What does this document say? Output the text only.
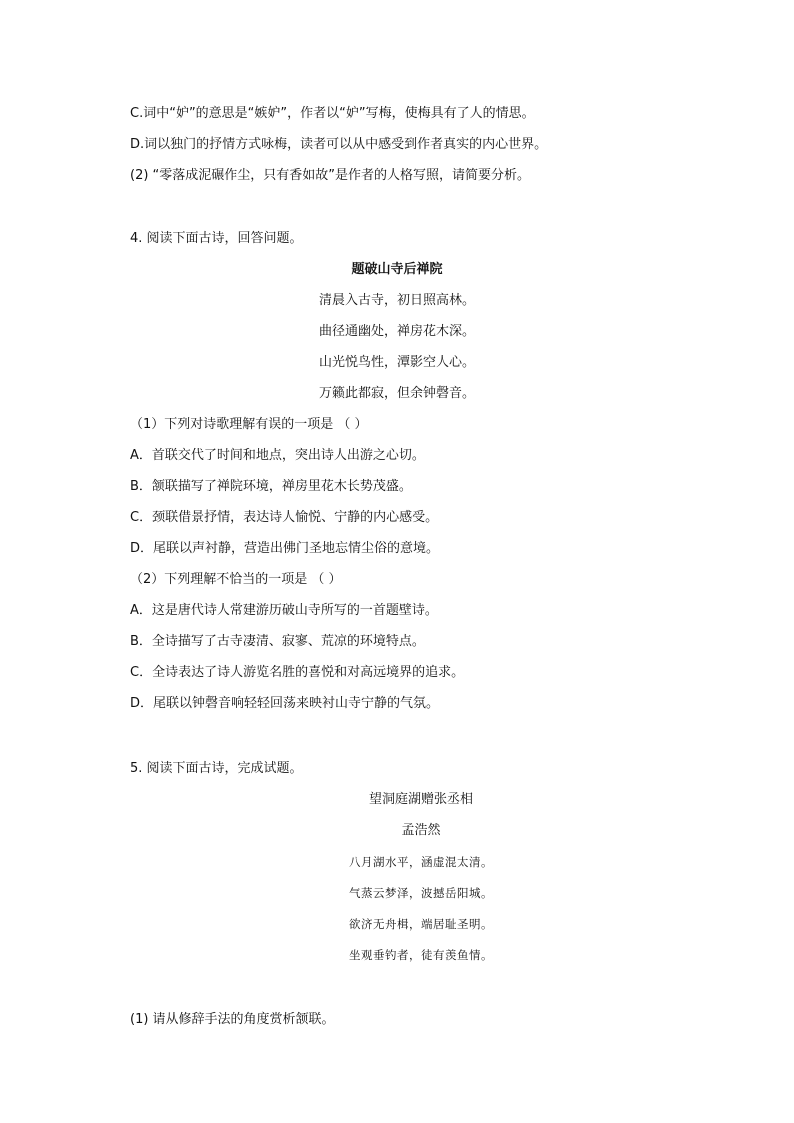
C.词中“妒”的意思是“嫉妒”，作者以“妒”写梅，使梅具有了人的情思。
D.词以独门的抒情方式咏梅，读者可以从中感受到作者真实的内心世界。
(2) “零落成泥碾作尘，只有香如故”是作者的人格写照，请简要分析。
4. 阅读下面古诗，回答问题。
题破山寺后禅院
清晨入古寺，初日照高林。
曲径通幽处，禅房花木深。
山光悦鸟性，潭影空人心。
万籁此都寂，但余钟磬音。
（1）下列对诗歌理解有误的一项是 （ ）
A．首联交代了时间和地点，突出诗人出游之心切。
B．颔联描写了禅院环境，禅房里花木长势茂盛。
C．颈联借景抒情，表达诗人愉悦、宁静的内心感受。
D．尾联以声衬静，营造出佛门圣地忘情尘俗的意境。
（2）下列理解不恰当的一项是 （ ）
A．这是唐代诗人常建游历破山寺所写的一首题壁诗。
B．全诗描写了古寺凄清、寂寥、荒凉的环境特点。
C．全诗表达了诗人游览名胜的喜悦和对高远境界的追求。
D．尾联以钟磬音响轻轻回荡来映衬山寺宁静的气氛。
5. 阅读下面古诗，完成试题。
望洞庭湖赠张丞相
孟浩然
八月湖水平，涵虚混太清。
气蒸云梦泽，波撼岳阳城。
欲济无舟楫，端居耻圣明。
坐观垂钓者，徒有羡鱼情。
(1) 请从修辞手法的角度赏析颔联。
